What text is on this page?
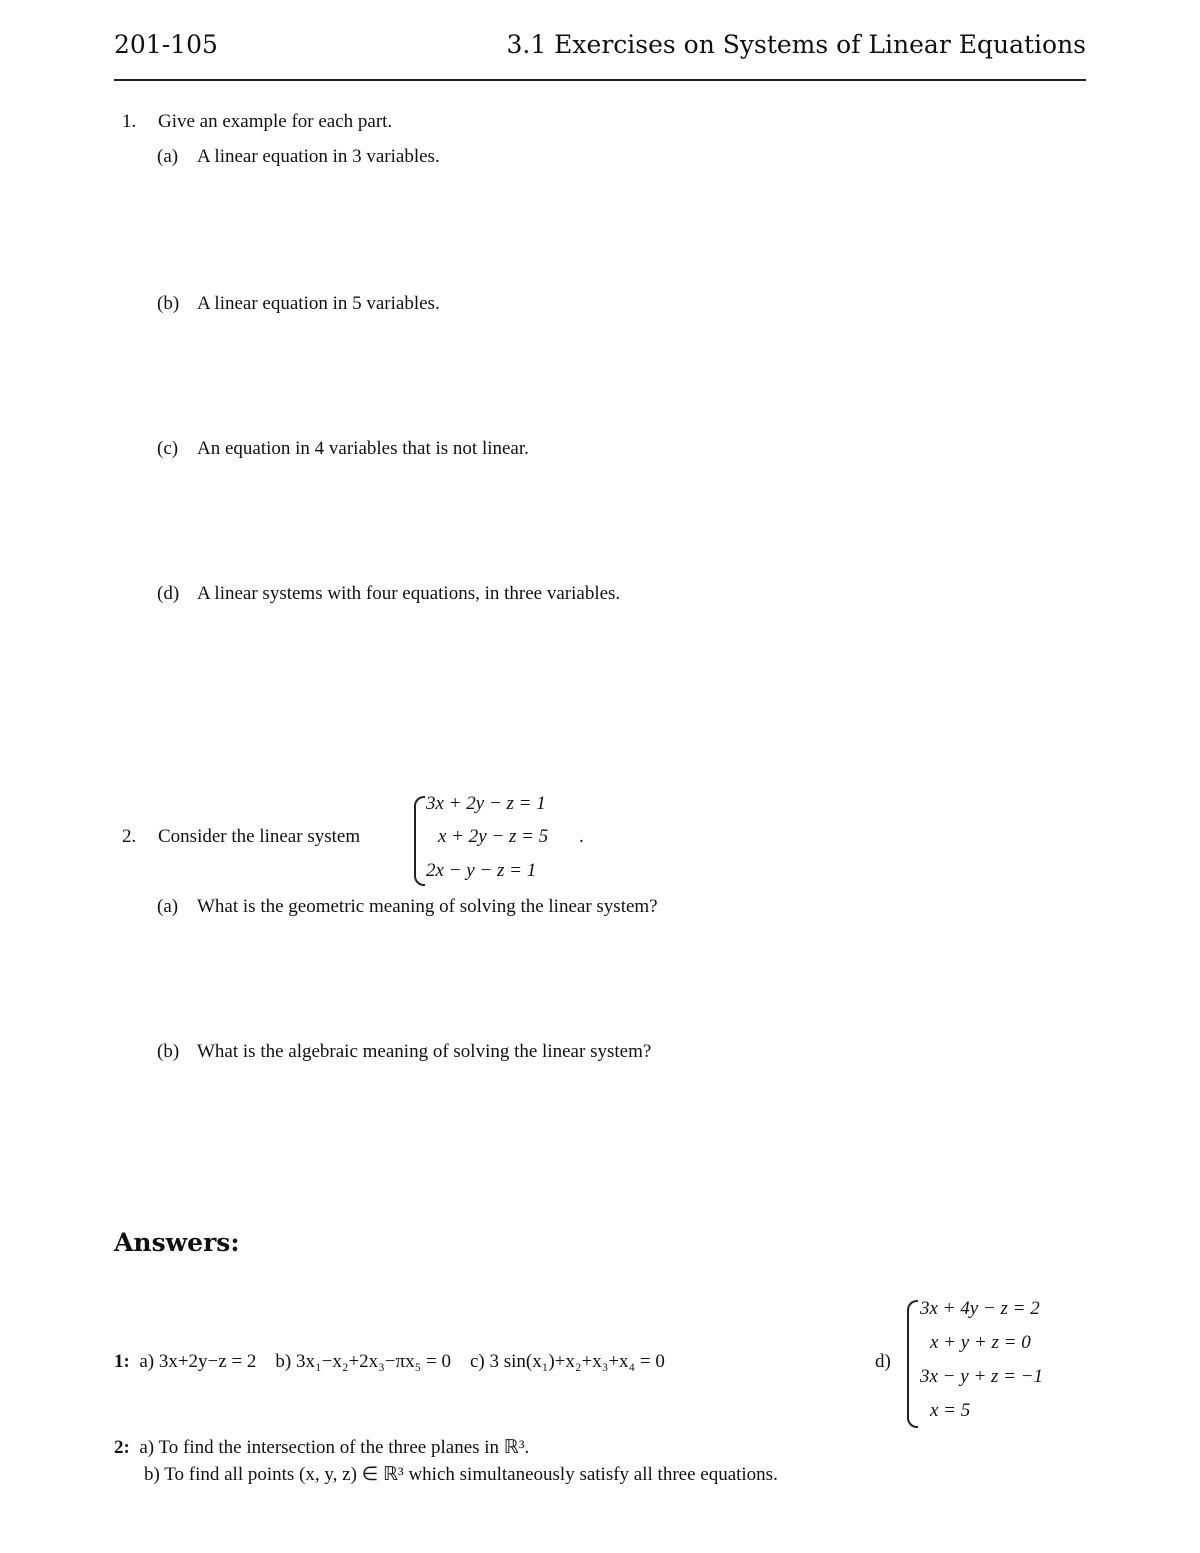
201-105	3.1 Exercises on Systems of Linear Equations
1. Give an example for each part.
(a) A linear equation in 3 variables.
(b) A linear equation in 5 variables.
(c) An equation in 4 variables that is not linear.
(d) A linear systems with four equations, in three variables.
2. Consider the linear system
3x + 2y − z = 1
x + 2y − z = 5
2x − y − z = 1
.
(a) What is the geometric meaning of solving the linear system?
(b) What is the algebraic meaning of solving the linear system?
Answers:
1: a) 3x+2y−z = 2 b) 3x₁−x₂+2x₃−πx₅ = 0 c) 3 sin(x₁)+x₂+x₃+x₄ = 0	d)
3x + 4y − z = 2
x + y + z = 0
3x − y + z = −1
x = 5
2: a) To find the intersection of the three planes in ℝ³.
b) To find all points (x, y, z) ∈ ℝ³ which simultaneously satisfy all three equations.
